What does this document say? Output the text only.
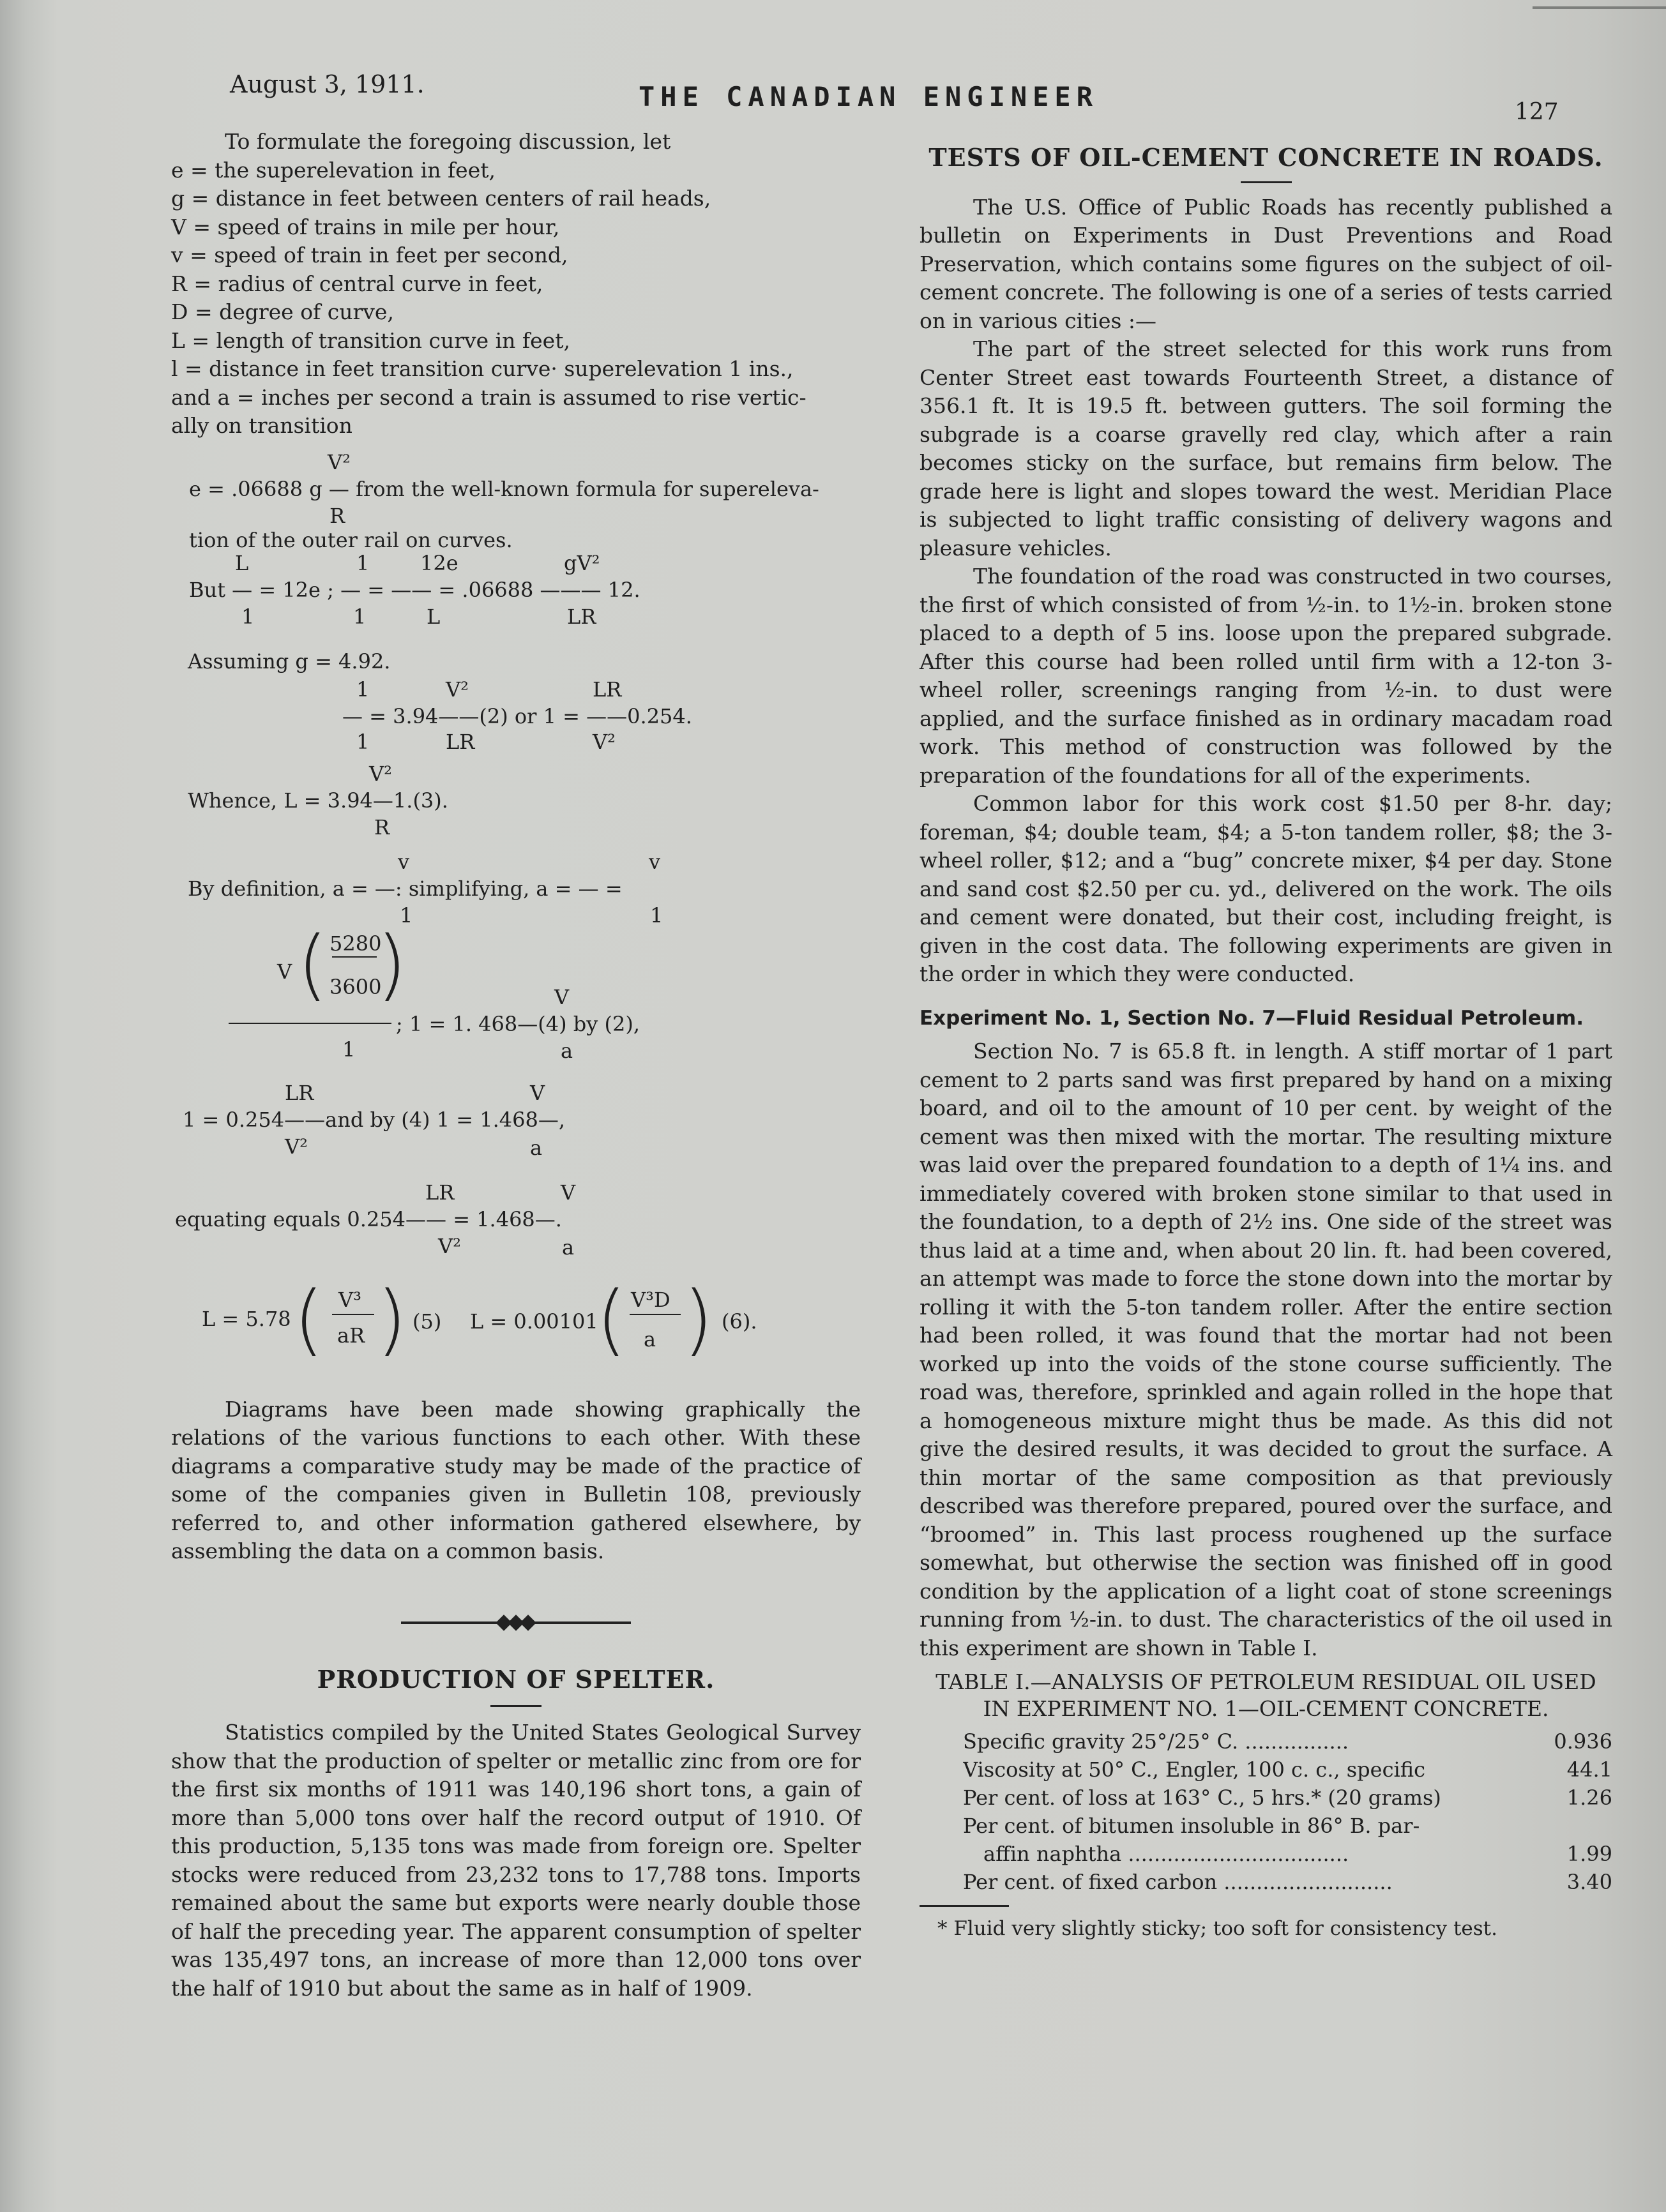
August 3, 1911.	THE CANADIAN ENGINEER	127

To formulate the foregoing discussion, let

e = the superelevation in feet,
g = distance in feet between centers of rail heads,
V = speed of trains in mile per hour,
v = speed of train in feet per second,
R = radius of central curve in feet,
D = degree of curve,
L = length of transition curve in feet,
l = distance in feet transition curve· superelevation 1 ins.,
and a = inches per second a train is assumed to rise vertic-
ally on transition
V²
e = .06688 g — from the well-known formula for supereleva-
R
tion of the outer rail on curves.
L	1 12e	gV²
But — = 12e ; — = —— = .06688 ——— 12.
1	1	L	LR
Assuming g = 4.92.
1	V²	LR
— = 3.94——(2) or 1 = ——0.254.
1	LR	V²
V²
Whence, L = 3.94—1.(3).
R
v	v
By definition, a = —: simplifying, a = — =
1	1
V ( 5280
3600
)	V
; 1 = 1. 468—(4) by (2),
1	a
LR	V
1 = 0.254——and by (4) 1 = 1.468—,
V²	a
LR	V
equating equals 0.254—— = 1.468—.
V²	a
L = 5.78 ( V³
aR ) (5) L = 0.00101
( V³D
a ) (6).

Diagrams have been made showing graphically the relations of the various functions to each other. With these diagrams a comparative study may be made of the practice of some of the companies given in Bulletin 108, previously referred to, and other information gathered elsewhere, by assembling the data on a common basis.

PRODUCTION OF SPELTER.

Statistics compiled by the United States Geological Survey show that the production of spelter or metallic zinc from ore for the first six months of 1911 was 140,196 short tons, a gain of more than 5,000 tons over half the record output of 1910. Of this production, 5,135 tons was made from foreign ore. Spelter stocks were reduced from 23,232 tons to 17,788 tons. Imports remained about the same but exports were nearly double those of half the preceding year. The apparent consumption of spelter was 135,497 tons, an increase of more than 12,000 tons over the half of 1910 but about the same as in half of 1909.

TESTS OF OIL-CEMENT CONCRETE IN ROADS.

The U.S. Office of Public Roads has recently published a bulletin on Experiments in Dust Preventions and Road Preservation, which contains some figures on the subject of oil-cement concrete. The following is one of a series of tests carried on in various cities :—

The part of the street selected for this work runs from Center Street east towards Fourteenth Street, a distance of 356.1 ft. It is 19.5 ft. between gutters. The soil forming the subgrade is a coarse gravelly red clay, which after a rain becomes sticky on the surface, but remains firm below. The grade here is light and slopes toward the west. Meridian Place is subjected to light traffic consisting of delivery wagons and pleasure vehicles.

The foundation of the road was constructed in two courses, the first of which consisted of from ½-in. to 1½-in. broken stone placed to a depth of 5 ins. loose upon the prepared subgrade. After this course had been rolled until firm with a 12-ton 3-wheel roller, screenings ranging from ½-in. to dust were applied, and the surface finished as in ordinary macadam road work. This method of construction was followed by the preparation of the foundations for all of the experiments.

Common labor for this work cost $1.50 per 8-hr. day; foreman, $4; double team, $4; a 5-ton tandem roller, $8; the 3-wheel roller, $12; and a “bug” concrete mixer, $4 per day. Stone and sand cost $2.50 per cu. yd., delivered on the work. The oils and cement were donated, but their cost, including freight, is given in the cost data. The following experiments are given in the order in which they were conducted.

Experiment No. 1, Section No. 7—Fluid Residual Petroleum.

Section No. 7 is 65.8 ft. in length. A stiff mortar of 1 part cement to 2 parts sand was first prepared by hand on a mixing board, and oil to the amount of 10 per cent. by weight of the cement was then mixed with the mortar. The resulting mixture was laid over the prepared foundation to a depth of 1¼ ins. and immediately covered with broken stone similar to that used in the foundation, to a depth of 2½ ins. One side of the street was thus laid at a time and, when about 20 lin. ft. had been covered, an attempt was made to force the stone down into the mortar by rolling it with the 5-ton tandem roller. After the entire section had been rolled, it was found that the mortar had not been worked up into the voids of the stone course sufficiently. The road was, therefore, sprinkled and again rolled in the hope that a homogeneous mixture might thus be made. As this did not give the desired results, it was decided to grout the surface. A thin mortar of the same composition as that previously described was therefore prepared, poured over the surface, and “broomed” in. This last process roughened up the surface somewhat, but otherwise the section was finished off in good condition by the application of a light coat of stone screenings running from ½-in. to dust. The characteristics of the oil used in this experiment are shown in Table I.

TABLE I.—ANALYSIS OF PETROLEUM RESIDUAL OIL USED IN EXPERIMENT NO. 1—OIL-CEMENT CONCRETE.
Specific gravity 25°/25° C. ................	0.936
Viscosity at 50° C., Engler, 100 c. c., specific	44.1
Per cent. of loss at 163° C., 5 hrs.* (20 grams)	1.26
Per cent. of bitumen insoluble in 86° B. par-
affin naphtha ..................................	1.99
Per cent. of fixed carbon ..........................	3.40
* Fluid very slightly sticky; too soft for consistency test.
